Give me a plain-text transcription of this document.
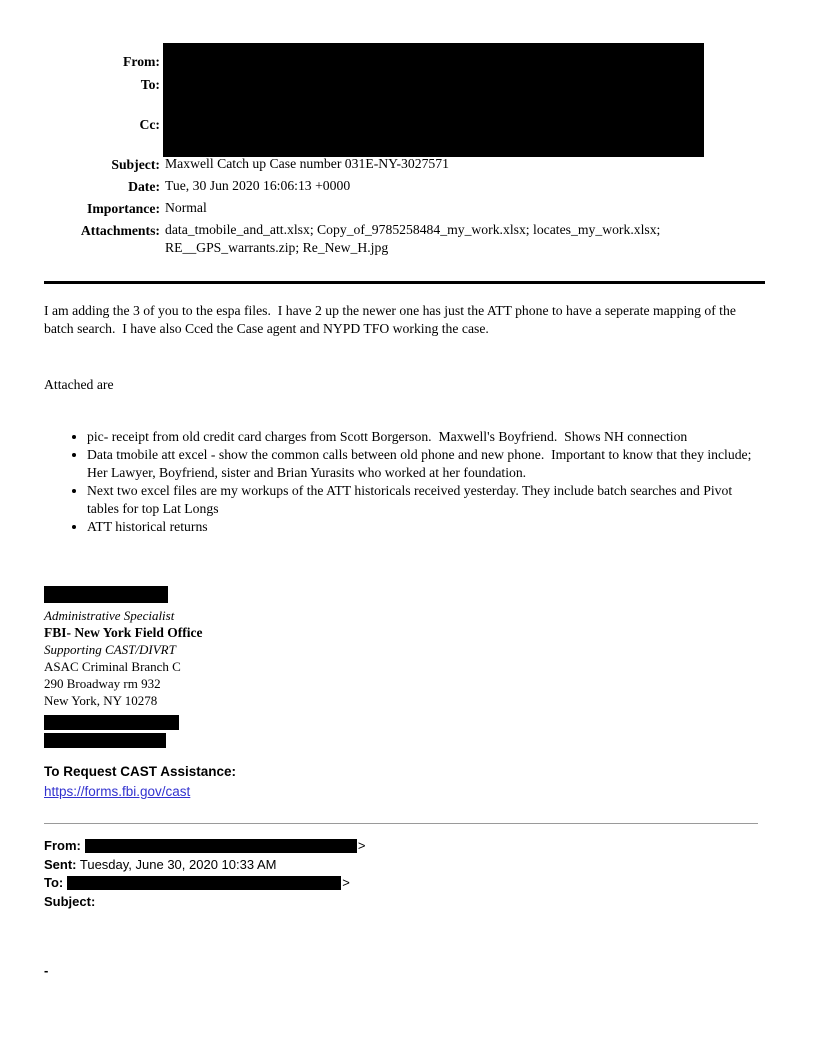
From:
To:
Cc:
Subject: Maxwell Catch up Case number 031E-NY-3027571
Date: Tue, 30 Jun 2020 16:06:13 +0000
Importance: Normal
Attachments: data_tmobile_and_att.xlsx; Copy_of_9785258484_my_work.xlsx; locates_my_work.xlsx; RE__GPS_warrants.zip; Re_New_H.jpg
I am adding the 3 of you to the espa files.  I have 2 up the newer one has just the ATT phone to have a seperate mapping of the batch search.  I have also Cced the Case agent and NYPD TFO working the case.
Attached are
• pic- receipt from old credit card charges from Scott Borgerson.  Maxwell's Boyfriend.  Shows NH connection
• Data tmobile att excel - show the common calls between old phone and new phone.  Important to know that they include; Her Lawyer, Boyfriend, sister and Brian Yurasits who worked at her foundation.
• Next two excel files are my workups of the ATT historicals received yesterday. They include batch searches and Pivot tables for top Lat Longs
• ATT historical returns
Administrative Specialist
FBI- New York Field Office
Supporting CAST/DIVRT
ASAC Criminal Branch C
290 Broadway rm 932
New York, NY 10278
To Request CAST Assistance:
https://forms.fbi.gov/cast
From:	>
Sent: Tuesday, June 30, 2020 10:33 AM
To:	>
Subject:
-
